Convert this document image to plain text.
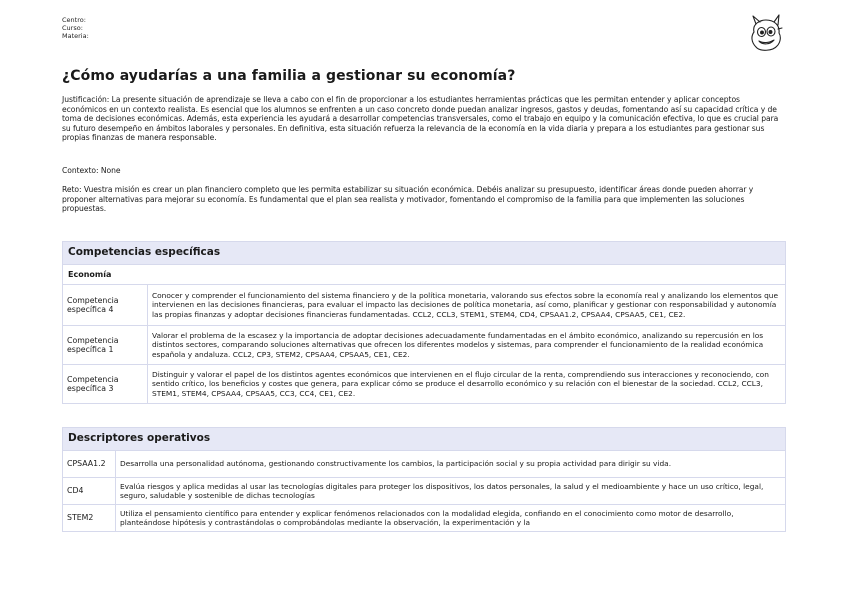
Centro:
Curso:
Materia:
¿Cómo ayudarías a una familia a gestionar su economía?
Justificación: La presente situación de aprendizaje se lleva a cabo con el fin de proporcionar a los estudiantes herramientas prácticas que les permitan entender y aplicar conceptos económicos en un contexto realista. Es esencial que los alumnos se enfrenten a un caso concreto donde puedan analizar ingresos, gastos y deudas, fomentando así su capacidad crítica y de toma de decisiones económicas. Además, esta experiencia les ayudará a desarrollar competencias transversales, como el trabajo en equipo y la comunicación efectiva, lo que es crucial para su futuro desempeño en ámbitos laborales y personales. En definitiva, esta situación refuerza la relevancia de la economía en la vida diaria y prepara a los estudiantes para gestionar sus propias finanzas de manera responsable.
Contexto: None
Reto: Vuestra misión es crear un plan financiero completo que les permita estabilizar su situación económica. Debéis analizar su presupuesto, identificar áreas donde pueden ahorrar y proponer alternativas para mejorar su economía. Es fundamental que el plan sea realista y motivador, fomentando el compromiso de la familia para que implementen las soluciones propuestas.
Competencias específicas	
Economía	
Competencia específica 4	Conocer y comprender el funcionamiento del sistema financiero y de la política monetaria, valorando sus efectos sobre la economía real y analizando los elementos que intervienen en las decisiones financieras, para evaluar el impacto las decisiones de política monetaria, así como, planificar y gestionar con responsabilidad y autonomía las propias finanzas y adoptar decisiones financieras fundamentadas. CCL2, CCL3, STEM1, STEM4, CD4, CPSAA1.2, CPSAA4, CPSAA5, CE1, CE2.
Competencia específica 1	Valorar el problema de la escasez y la importancia de adoptar decisiones adecuadamente fundamentadas en el ámbito económico, analizando su repercusión en los distintos sectores, comparando soluciones alternativas que ofrecen los diferentes modelos y sistemas, para comprender el funcionamiento de la realidad económica española y andaluza. CCL2, CP3, STEM2, CPSAA4, CPSAA5, CE1, CE2.
Competencia específica 3	Distinguir y valorar el papel de los distintos agentes económicos que intervienen en el flujo circular de la renta, comprendiendo sus interacciones y reconociendo, con sentido crítico, los beneficios y costes que genera, para explicar cómo se produce el desarrollo económico y su relación con el bienestar de la sociedad. CCL2, CCL3, STEM1, STEM4, CPSAA4, CPSAA5, CC3, CC4, CE1, CE2.
Descriptores operativos	
CPSAA1.2	Desarrolla una personalidad autónoma, gestionando constructivamente los cambios, la participación social y su propia actividad para dirigir su vida.
CD4	Evalúa riesgos y aplica medidas al usar las tecnologías digitales para proteger los dispositivos, los datos personales, la salud y el medioambiente y hace un uso crítico, legal, seguro, saludable y sostenible de dichas tecnologías
STEM2	Utiliza el pensamiento científico para entender y explicar fenómenos relacionados con la modalidad elegida, confiando en el conocimiento como motor de desarrollo, planteándose hipótesis y contrastándolas o comprobándolas mediante la observación, la experimentación y la
